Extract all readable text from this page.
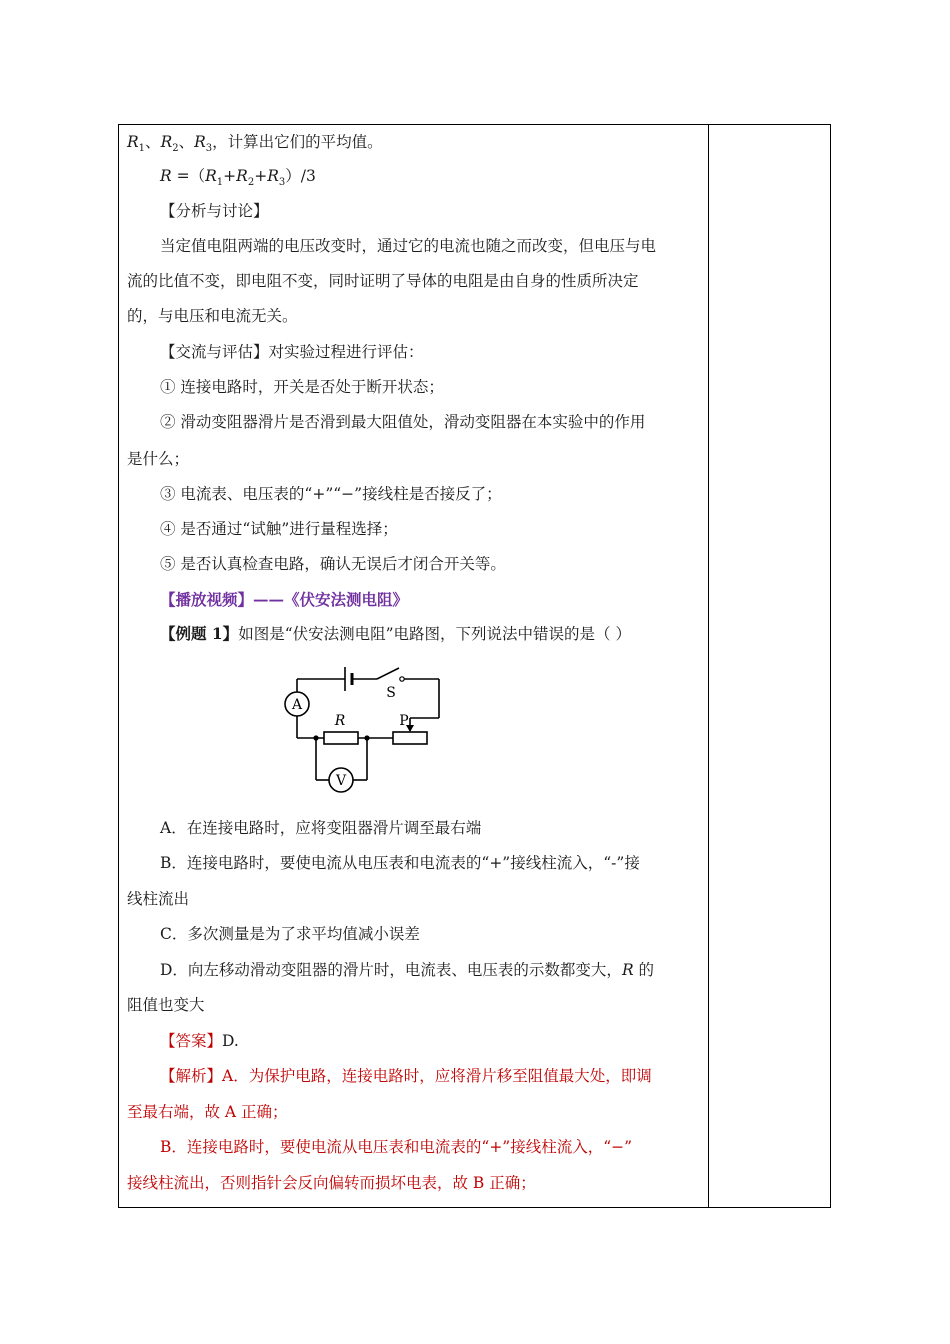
$R_1$、$R_2$、$R_3$，计算出它们的平均值。
$R =(R_1+R_2+R_3)/3$
【分析与讨论】
当定值电阻两端的电压改变时，通过它的电流也随之而改变，但电压与电
流的比值不变，即电阻不变，同时证明了导体的电阻是由自身的性质所决定
的，与电压和电流无关。
【交流与评估】对实验过程进行评估：
① 连接电路时，开关是否处于断开状态；
② 滑动变阻器滑片是否滑到最大阻值处，滑动变阻器在本实验中的作用
是什么；
③ 电流表、电压表的“+”“−”接线柱是否接反了；
④ 是否通过“试触”进行量程选择；
⑤ 是否认真检查电路，确认无误后才闭合开关等。
【播放视频】——《伏安法测电阻》
【例题 1】如图是“伏安法测电阻”电路图，下列说法中错误的是（ ）
A
V
S
R	P
A．在连接电路时，应将变阻器滑片调至最右端
B．连接电路时，要使电流从电压表和电流表的“+”接线柱流入，“-”接
线柱流出
C．多次测量是为了求平均值减小误差
D．向左移动滑动变阻器的滑片时，电流表、电压表的示数都变大，R 的
阻值也变大
【答案】D.
【解析】A．为保护电路，连接电路时，应将滑片移至阻值最大处，即调
至最右端，故 A 正确；
B．连接电路时，要使电流从电压表和电流表的“+”接线柱流入，“−”
接线柱流出，否则指针会反向偏转而损坏电表，故 B 正确；
